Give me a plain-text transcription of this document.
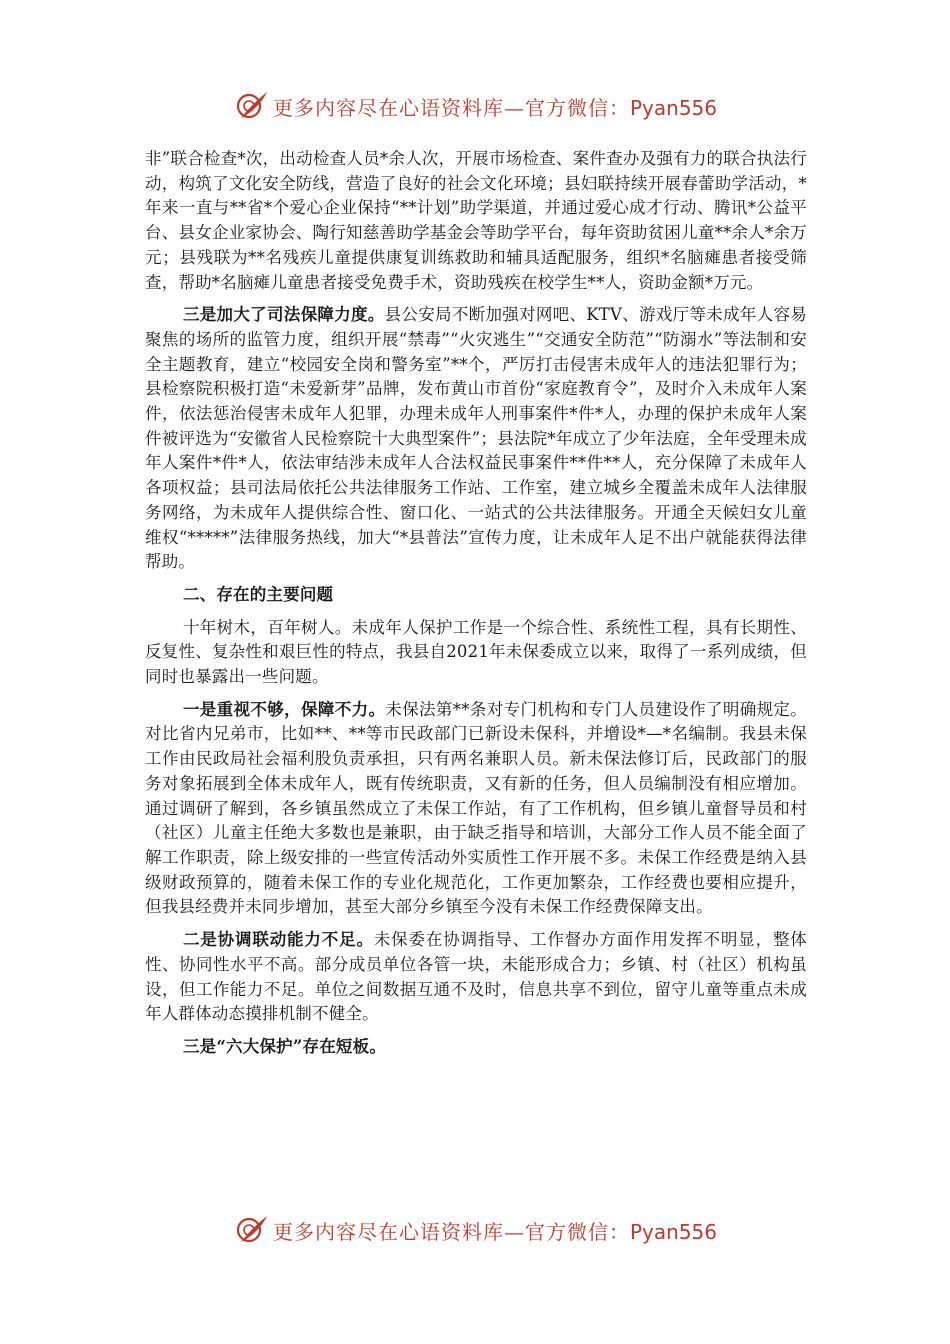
更多内容尽在心语资料库—官方微信：Pyan556

非”联合检查*次，出动检查人员*余人次，开展市场检查、案件查办及强有力的联合执法行动，构筑了文化安全防线，营造了良好的社会文化环境；县妇联持续开展春蕾助学活动，*年来一直与**省*个爱心企业保持“**计划”助学渠道，并通过爱心成才行动、腾讯*公益平台、县女企业家协会、陶行知慈善助学基金会等助学平台，每年资助贫困儿童**余人*余万元；县残联为**名残疾儿童提供康复训练救助和辅具适配服务，组织*名脑瘫患者接受筛查，帮助*名脑瘫儿童患者接受免费手术，资助残疾在校学生**人，资助金额*万元。

三是加大了司法保障力度。县公安局不断加强对网吧、KTV、游戏厅等未成年人容易聚焦的场所的监管力度，组织开展“禁毒”“火灾逃生”“交通安全防范”“防溺水”等法制和安全主题教育，建立“校园安全岗和警务室”**个，严厉打击侵害未成年人的违法犯罪行为；县检察院积极打造“未爱新芽”品牌，发布黄山市首份“家庭教育令”，及时介入未成年人案件，依法惩治侵害未成年人犯罪，办理未成年人刑事案件*件*人，办理的保护未成年人案件被评选为“安徽省人民检察院十大典型案件”；县法院*年成立了少年法庭，全年受理未成年人案件*件*人，依法审结涉未成年人合法权益民事案件**件**人，充分保障了未成年人各项权益；县司法局依托公共法律服务工作站、工作室，建立城乡全覆盖未成年人法律服务网络，为未成年人提供综合性、窗口化、一站式的公共法律服务。开通全天候妇女儿童维权“*****”法律服务热线，加大“*县普法”宣传力度，让未成年人足不出户就能获得法律帮助。

二、存在的主要问题

十年树木，百年树人。未成年人保护工作是一个综合性、系统性工程，具有长期性、反复性、复杂性和艰巨性的特点，我县自2021年未保委成立以来，取得了一系列成绩，但同时也暴露出一些问题。

一是重视不够，保障不力。未保法第**条对专门机构和专门人员建设作了明确规定。对比省内兄弟市，比如**、**等市民政部门已新设未保科，并增设*—*名编制。我县未保工作由民政局社会福利股负责承担，只有两名兼职人员。新未保法修订后，民政部门的服务对象拓展到全体未成年人，既有传统职责，又有新的任务，但人员编制没有相应增加。通过调研了解到，各乡镇虽然成立了未保工作站，有了工作机构，但乡镇儿童督导员和村（社区）儿童主任绝大多数也是兼职，由于缺乏指导和培训，大部分工作人员不能全面了解工作职责，除上级安排的一些宣传活动外实质性工作开展不多。未保工作经费是纳入县级财政预算的，随着未保工作的专业化规范化，工作更加繁杂，工作经费也要相应提升，但我县经费并未同步增加，甚至大部分乡镇至今没有未保工作经费保障支出。

二是协调联动能力不足。未保委在协调指导、工作督办方面作用发挥不明显，整体性、协同性水平不高。部分成员单位各管一块，未能形成合力；乡镇、村（社区）机构虽设，但工作能力不足。单位之间数据互通不及时，信息共享不到位，留守儿童等重点未成年人群体动态摸排机制不健全。

三是“六大保护”存在短板。

更多内容尽在心语资料库—官方微信：Pyan556
